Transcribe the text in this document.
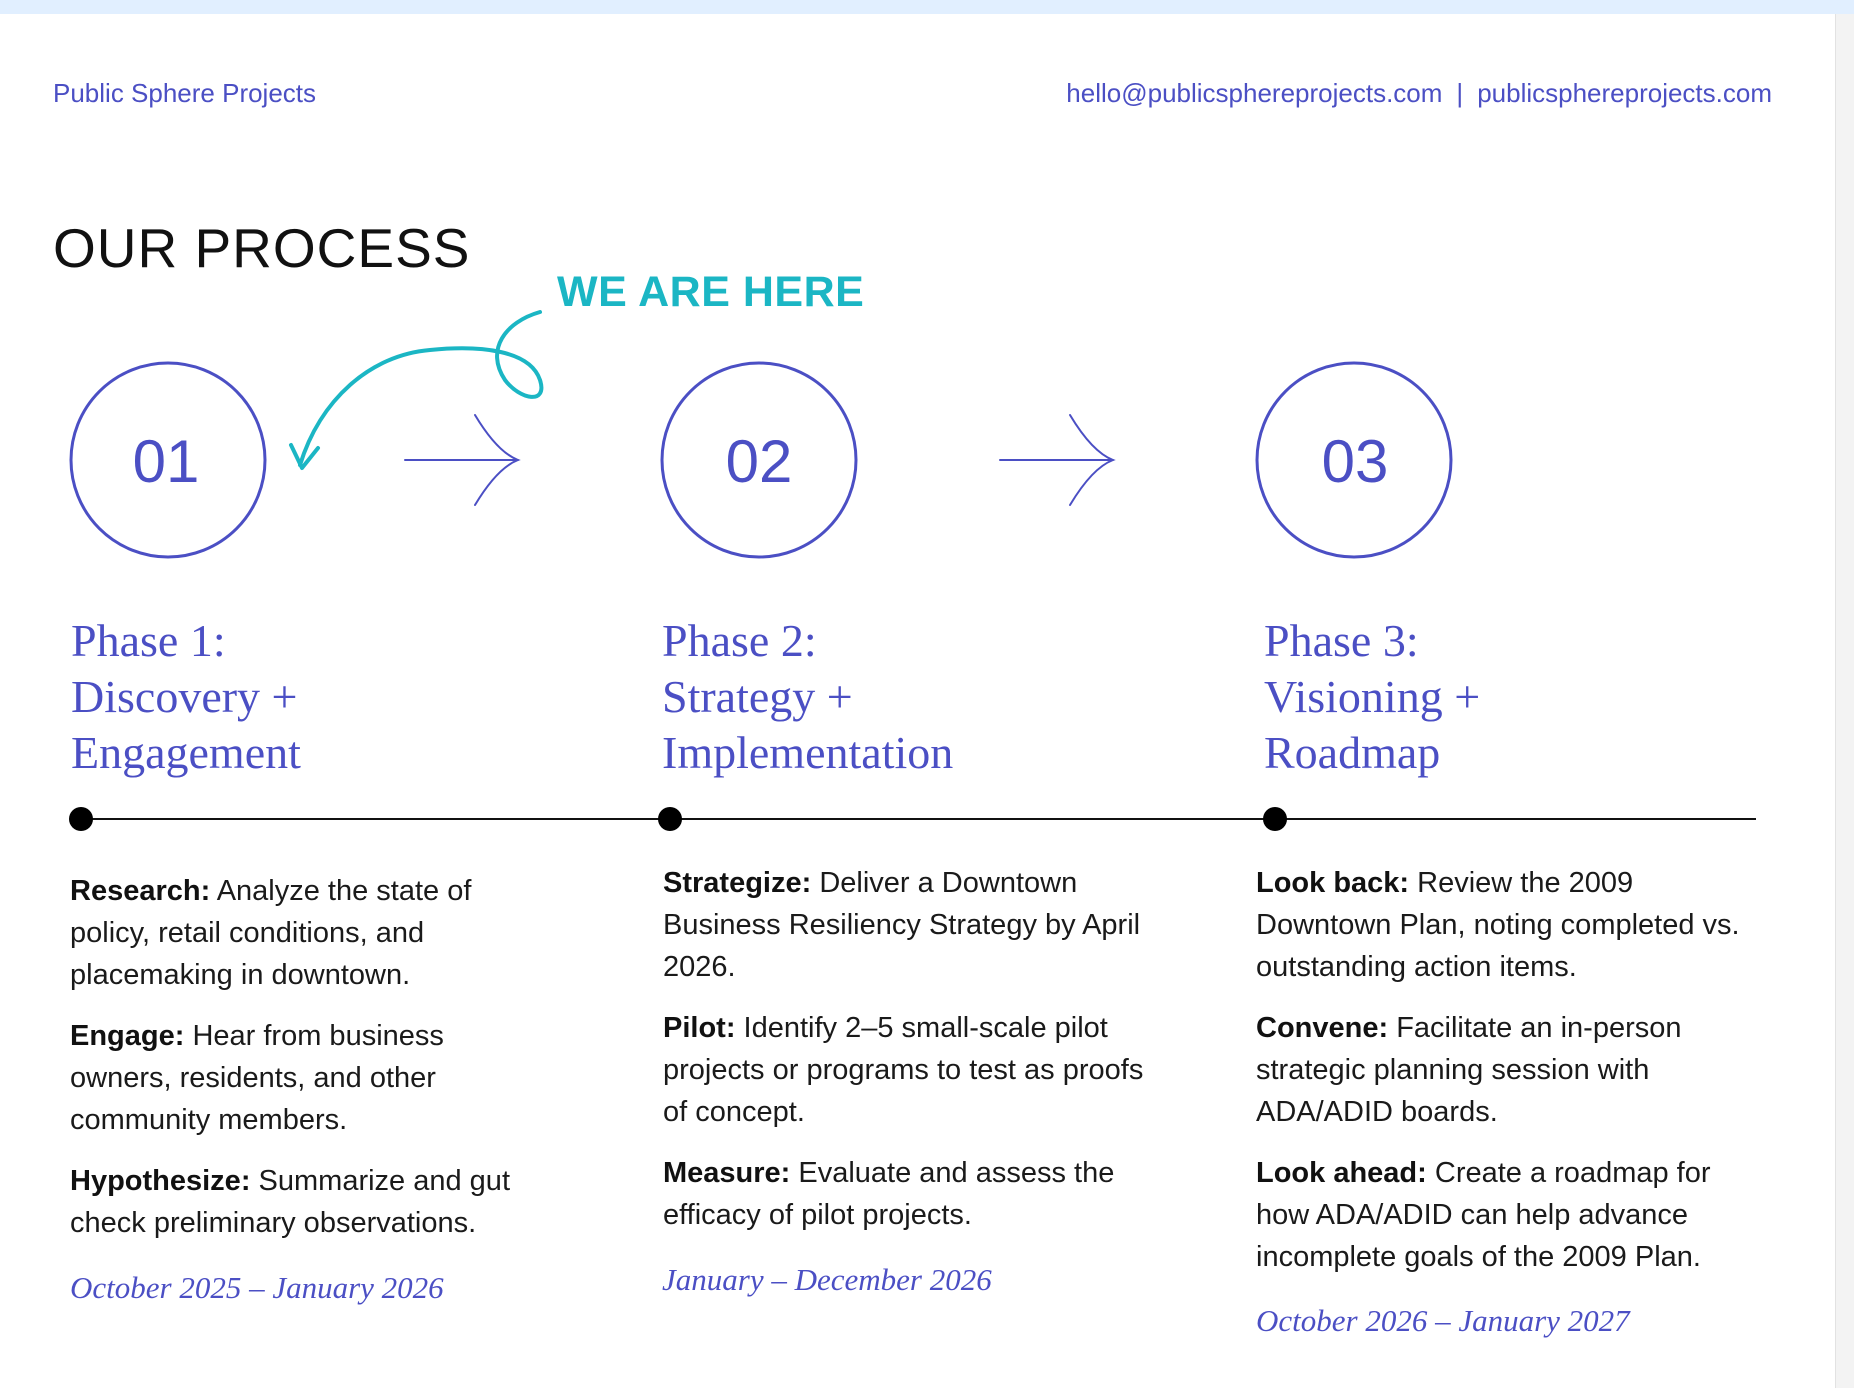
Public Sphere Projects	hello@publicsphereprojects.com | publicsphereprojects.com
OUR PROCESS
WE ARE HERE
01	02	03
Phase 1:
Discovery +
Engagement
Phase 2:
Strategy +
Implementation
Phase 3:
Visioning +
Roadmap
Research: Analyze the state of policy, retail conditions, and placemaking in downtown.
Engage: Hear from business owners, residents, and other community members.
Hypothesize: Summarize and gut check preliminary observations.
October 2025 – January 2026
Strategize: Deliver a Downtown Business Resiliency Strategy by April 2026.
Pilot: Identify 2–5 small-scale pilot projects or programs to test as proofs of concept.
Measure: Evaluate and assess the efficacy of pilot projects.
January – December 2026
Look back: Review the 2009 Downtown Plan, noting completed vs. outstanding action items.
Convene: Facilitate an in-person strategic planning session with ADA/ADID boards.
Look ahead: Create a roadmap for how ADA/ADID can help advance incomplete goals of the 2009 Plan.
October 2026 – January 2027
